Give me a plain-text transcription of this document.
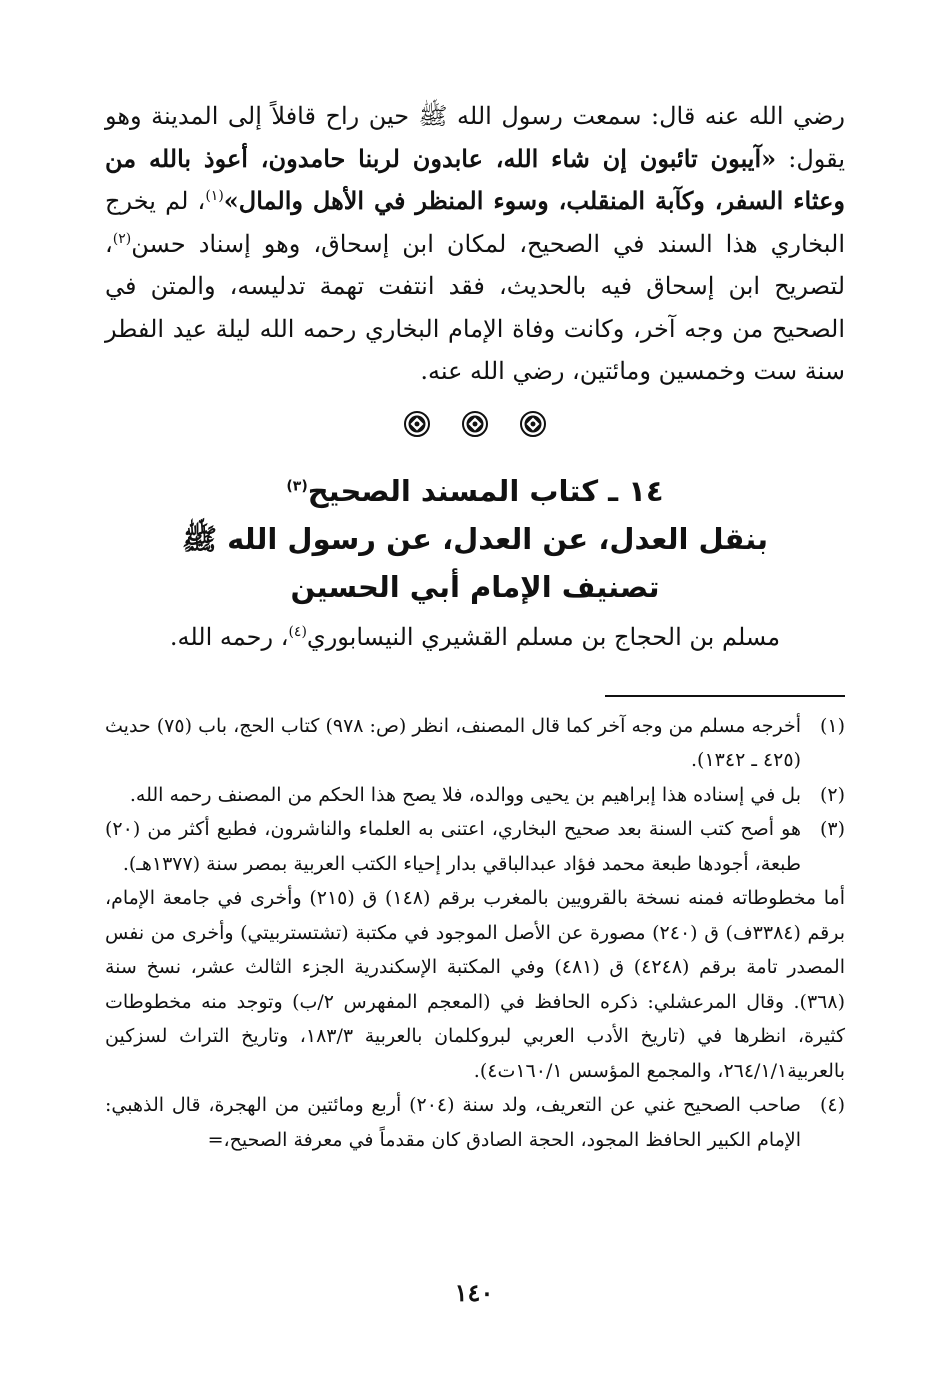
رضي الله عنه قال: سمعت رسول الله ﷺ حين راح قافلاً إلى المدينة وهو يقول: «آيبون تائبون إن شاء الله، عابدون لربنا حامدون، أعوذ بالله من وعثاء السفر، وكآبة المنقلب، وسوء المنظر في الأهل والمال»$^{(١)}$، لم يخرج البخاري هذا السند في الصحيح، لمكان ابن إسحاق، وهو إسناد حسن$^{(٢)}$، لتصريح ابن إسحاق فيه بالحديث، فقد انتفت تهمة تدليسه، والمتن في الصحيح من وجه آخر، وكانت وفاة الإمام البخاري رحمه الله ليلة عيد الفطر سنة ست وخمسين ومائتين، رضي الله عنه.

١٤ ـ كتاب المسند الصحيح$^{(٣)}$
بنقل العدل، عن العدل، عن رسول الله ﷺ
تصنيف الإمام أبي الحسين
مسلم بن الحجاج بن مسلم القشيري النيسابوري$^{(٤)}$، رحمه الله.
(١)

أخرجه مسلم من وجه آخر كما قال المصنف، انظر (ص: ٩٧٨) كتاب الحج، باب (٧٥) حديث (٤٢٥ ـ ١٣٤٢).

(٢)

بل في إسناده هذا إبراهيم بن يحيى ووالده، فلا يصح هذا الحكم من المصنف رحمه الله.

(٣)

هو أصح كتب السنة بعد صحيح البخاري، اعتنى به العلماء والناشرون، فطبع أكثر من (٢٠) طبعة، أجودها طبعة محمد فؤاد عبدالباقي بدار إحياء الكتب العربية بمصر سنة (١٣٧٧هـ).

أما مخطوطاته فمنه نسخة بالقرويين بالمغرب برقم (١٤٨) ق (٢١٥) وأخرى في جامعة الإمام، برقم (٣٣٨٤ف) ق (٢٤٠) مصورة عن الأصل الموجود في مكتبة (تشتستربيتي) وأخرى من نفس المصدر تامة برقم (٤٢٤٨) ق (٤٨١) وفي المكتبة الإسكندرية الجزء الثالث عشر، نسخ سنة (٣٦٨). وقال المرعشلي: ذكره الحافظ في (المعجم المفهرس ٢/ب) وتوجد منه مخطوطات كثيرة، انظرها في (تاريخ الأدب العربي لبروكلمان بالعربية ١٨٣/٣، وتاريخ التراث لسزكين بالعربية٢٦٤/١/١، والمجمع المؤسس ١٦٠/١ت٤).

(٤)

صاحب الصحيح غني عن التعريف، ولد سنة (٢٠٤) أربع ومائتين من الهجرة، قال الذهبي: الإمام الكبير الحافظ المجود، الحجة الصادق كان مقدماً في معرفة الصحيح،=

١٤٠
